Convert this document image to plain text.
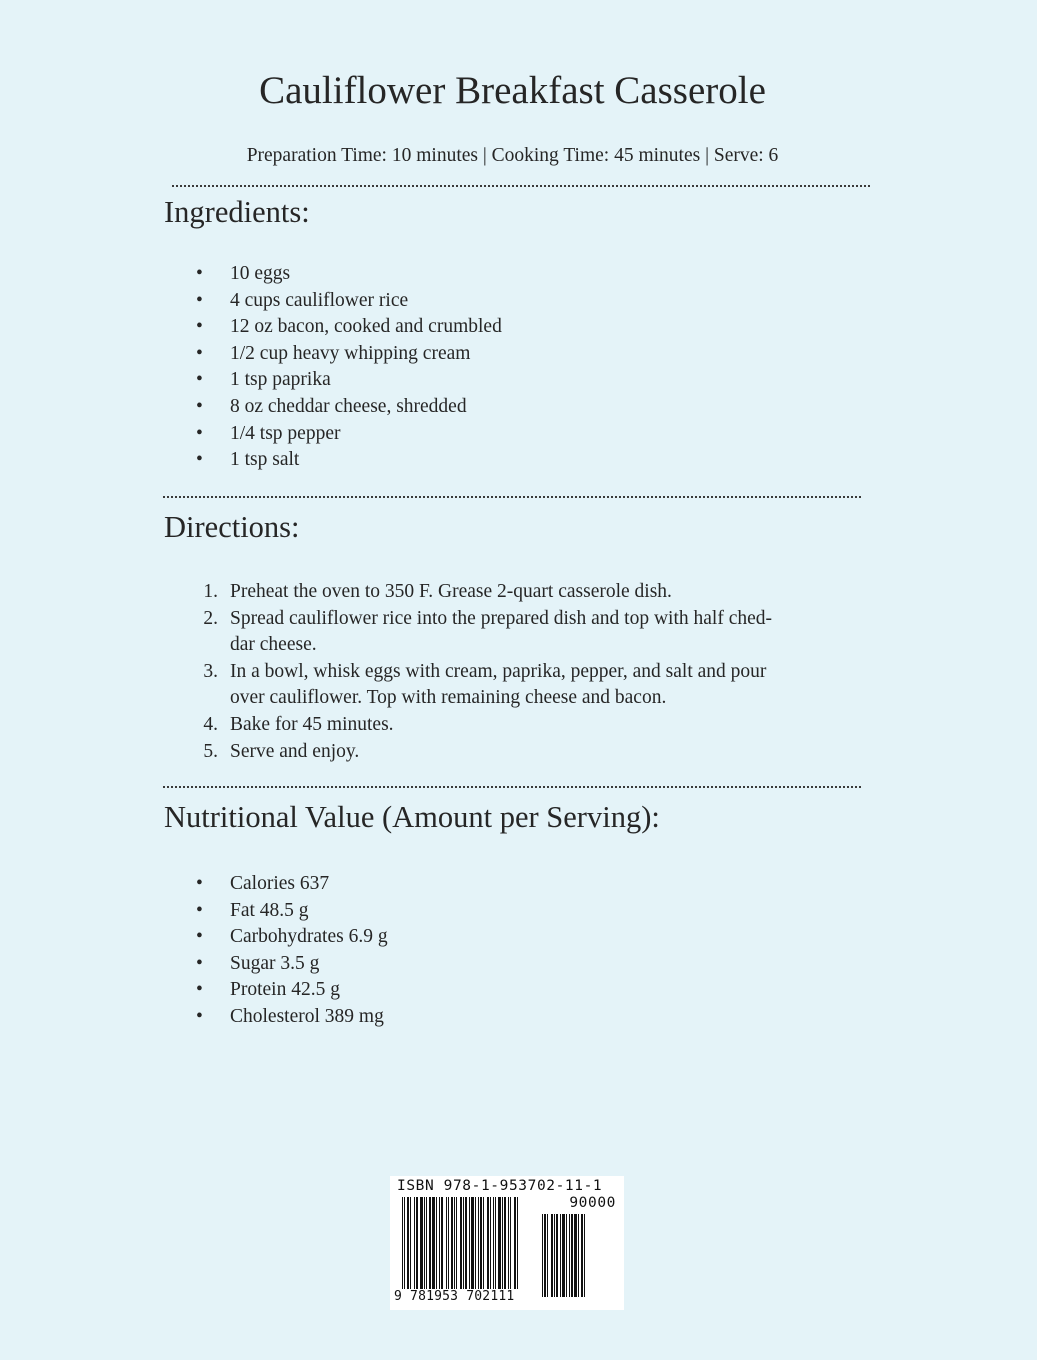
Cauliflower Breakfast Casserole
Preparation Time: 10 minutes | Cooking Time: 45 minutes | Serve: 6
Ingredients:
•	10 eggs
•	4 cups cauliflower rice
•	12 oz bacon, cooked and crumbled
•	1/2 cup heavy whipping cream
•	1 tsp paprika
•	8 oz cheddar cheese, shredded
•	1/4 tsp pepper
•	1 tsp salt
Directions:
1. Preheat the oven to 350 F. Grease 2-quart casserole dish.
2. Spread cauliflower rice into the prepared dish and top with half ched-
dar cheese.
3. In a bowl, whisk eggs with cream, paprika, pepper, and salt and pour
over cauliflower. Top with remaining cheese and bacon.
4. Bake for 45 minutes.
5. Serve and enjoy.
Nutritional Value (Amount per Serving):
•	Calories 637
•	Fat 48.5 g
•	Carbohydrates 6.9 g
•	Sugar 3.5 g
•	Protein 42.5 g
•	Cholesterol 389 mg
ISBN 978-1-953702-11-1
90000
9 781953 702111
